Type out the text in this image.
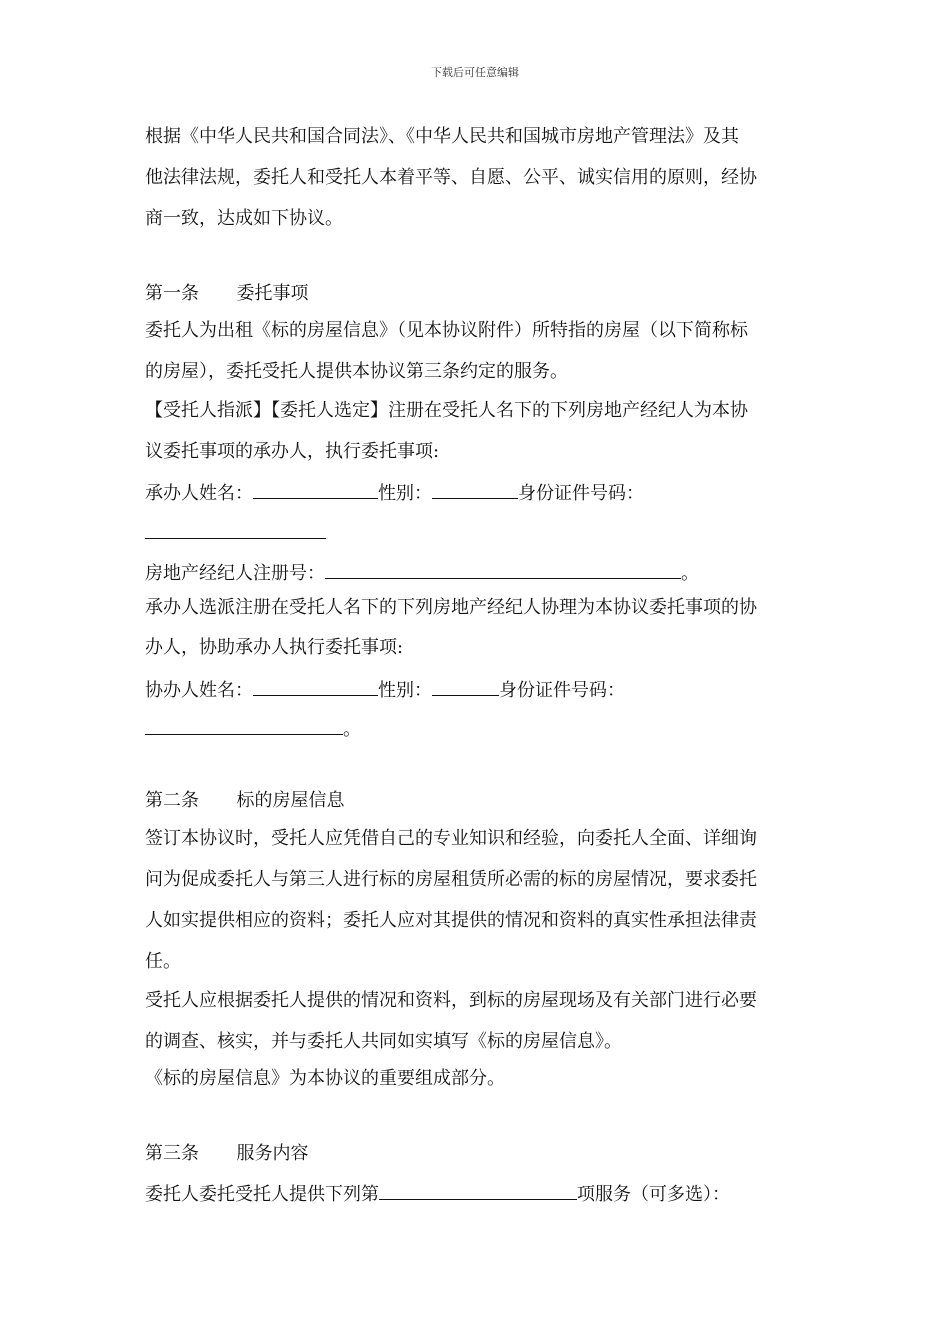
下载后可任意编辑
根据《中华人民共和国合同法》、《中华人民共和国城市房地产管理法》及其
他法律法规，委托人和受托人本着平等、自愿、公平、诚实信用的原则，经协
商一致，达成如下协议。
第一条 委托事项
委托人为出租《标的房屋信息》（见本协议附件）所特指的房屋（以下简称标
的房屋），委托受托人提供本协议第三条约定的服务。
【受托人指派】【委托人选定】注册在受托人名下的下列房地产经纪人为本协
议委托事项的承办人，执行委托事项:
承办人姓名：	性别：	身份证件号码：
房地产经纪人注册号：	。
承办人选派注册在受托人名下的下列房地产经纪人协理为本协议委托事项的协
办人，协助承办人执行委托事项:
协办人姓名：	性别：	身份证件号码：
。
第二条 标的房屋信息
签订本协议时，受托人应凭借自己的专业知识和经验，向委托人全面、详细询
问为促成委托人与第三人进行标的房屋租赁所必需的标的房屋情况，要求委托
人如实提供相应的资料；委托人应对其提供的情况和资料的真实性承担法律责
任。
受托人应根据委托人提供的情况和资料，到标的房屋现场及有关部门进行必要
的调查、核实，并与委托人共同如实填写《标的房屋信息》。
《标的房屋信息》为本协议的重要组成部分。
第三条 服务内容
委托人委托受托人提供下列第	项服务（可多选）：
